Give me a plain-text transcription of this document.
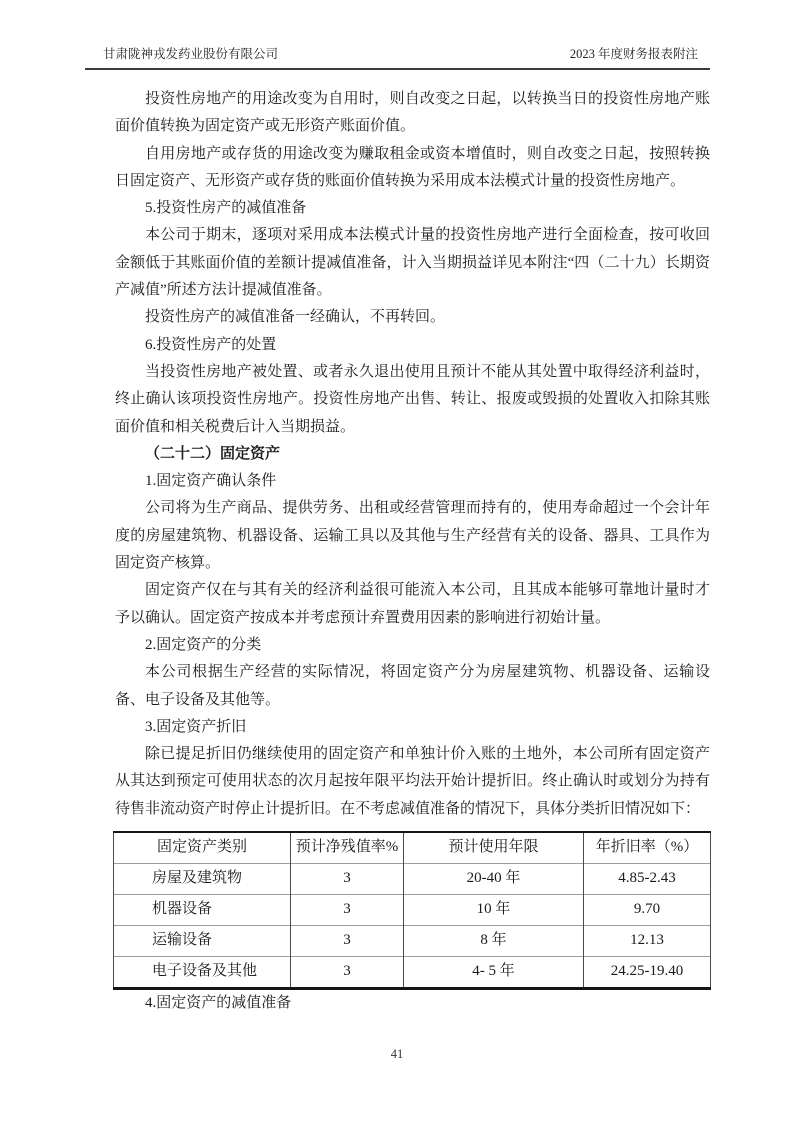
甘肃陇神戎发药业股份有限公司	2023 年度财务报表附注

投资性房地产的用途改变为自用时，则自改变之日起，以转换当日的投资性房地产账面价值转换为固定资产或无形资产账面价值。

自用房地产或存货的用途改变为赚取租金或资本增值时，则自改变之日起，按照转换日固定资产、无形资产或存货的账面价值转换为采用成本法模式计量的投资性房地产。

5.投资性房产的减值准备

本公司于期末，逐项对采用成本法模式计量的投资性房地产进行全面检查，按可收回金额低于其账面价值的差额计提减值准备，计入当期损益详见本附注“四（二十九）长期资产减值”所述方法计提减值准备。

投资性房产的减值准备一经确认，不再转回。

6.投资性房产的处置

当投资性房地产被处置、或者永久退出使用且预计不能从其处置中取得经济利益时，终止确认该项投资性房地产。投资性房地产出售、转让、报废或毁损的处置收入扣除其账面价值和相关税费后计入当期损益。

（二十二）固定资产

1.固定资产确认条件

公司将为生产商品、提供劳务、出租或经营管理而持有的，使用寿命超过一个会计年度的房屋建筑物、机器设备、运输工具以及其他与生产经营有关的设备、器具、工具作为固定资产核算。

固定资产仅在与其有关的经济利益很可能流入本公司，且其成本能够可靠地计量时才予以确认。固定资产按成本并考虑预计弃置费用因素的影响进行初始计量。

2.固定资产的分类

本公司根据生产经营的实际情况，将固定资产分为房屋建筑物、机器设备、运输设备、电子设备及其他等。

3.固定资产折旧

除已提足折旧仍继续使用的固定资产和单独计价入账的土地外，本公司所有固定资产从其达到预定可使用状态的次月起按年限平均法开始计提折旧。终止确认时或划分为持有待售非流动资产时停止计提折旧。在不考虑减值准备的情况下，具体分类折旧情况如下：

固定资产类别	预计净残值率%	预计使用年限	年折旧率（%）
房屋及建筑物	3	20-40 年	4.85-2.43
机器设备	3	10 年	9.70
运输设备	3	8 年	12.13
电子设备及其他	3	4- 5 年	24.25-19.40

4.固定资产的减值准备

41
